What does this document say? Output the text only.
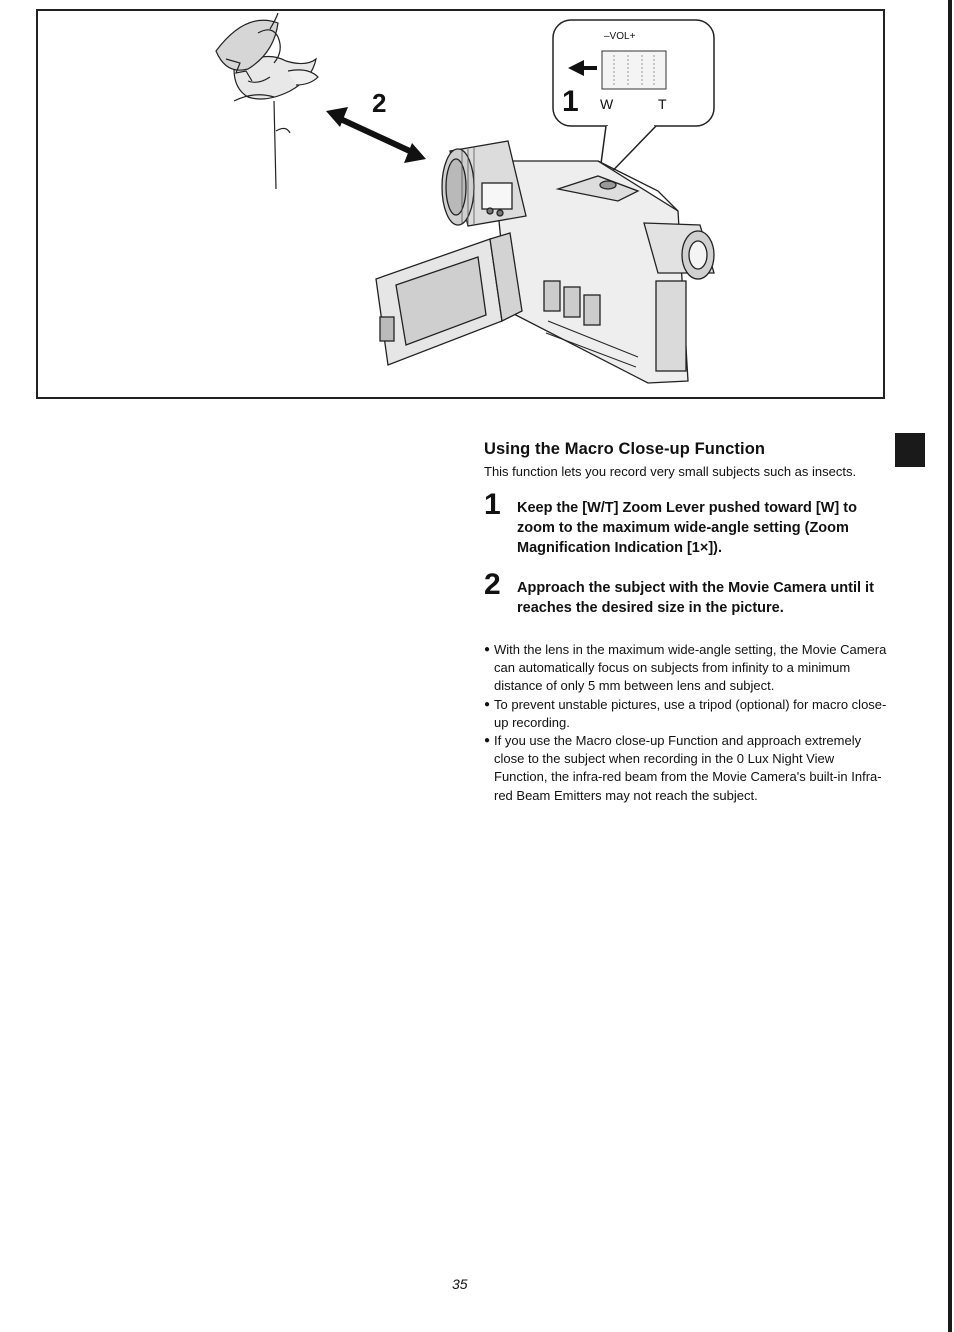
2
–VOL+
1 W	T
Using the Macro Close-up Function

This function lets you record very small subjects such as insects.

1 Keep the [W/T] Zoom Lever pushed toward [W] to zoom to the maximum wide-angle setting (Zoom Magnification Indication [1×]).

2 Approach the subject with the Movie Camera until it reaches the desired size in the picture.

● With the lens in the maximum wide-angle setting, the Movie Camera can automatically focus on subjects from infinity to a minimum distance of only 5 mm between lens and subject.
● To prevent unstable pictures, use a tripod (optional) for macro close-up recording.
● If you use the Macro close-up Function and approach extremely close to the subject when recording in the 0 Lux Night View Function, the infra-red beam from the Movie Camera's built-in Infra-red Beam Emitters may not reach the subject.
35
